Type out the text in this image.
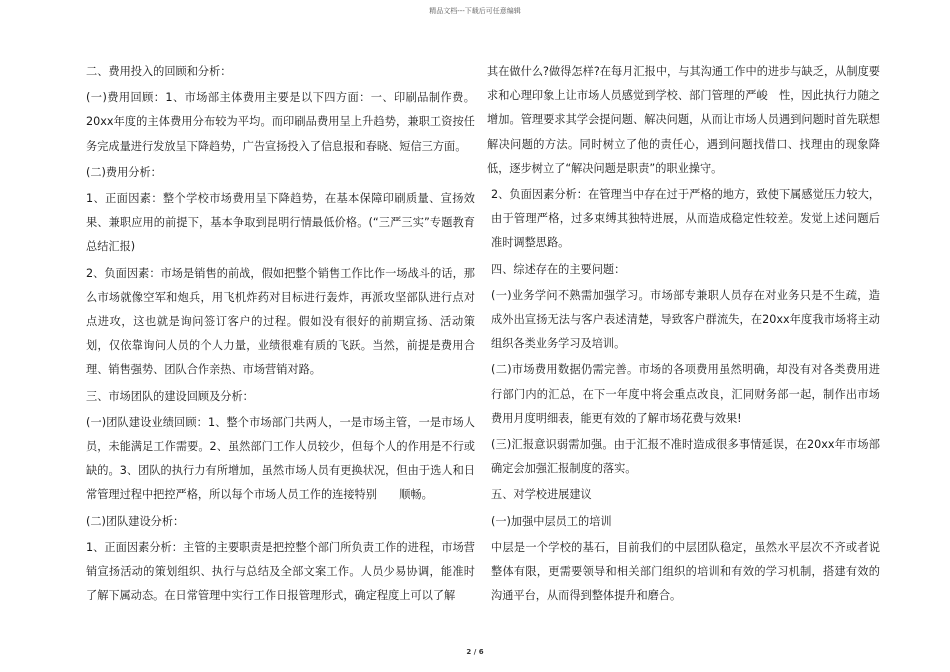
精品文档---下载后可任意编辑

二、费用投入的回顾和分析：

(一)费用回顾：1、市场部主体费用主要是以下四方面：一、印刷品制作费。20xx年度的主体费用分布较为平均。而印刷品费用呈上升趋势，兼职工资按任务完成量进行发放呈下降趋势，广告宣扬投入了信息报和春晓、短信三方面。

(二)费用分析：

1、正面因素：整个学校市场费用呈下降趋势，在基本保障印刷质量、宣扬效果、兼职应用的前提下，基本争取到昆明行情最低价格。(“三严三实”专题教育总结汇报)

2、负面因素：市场是销售的前战，假如把整个销售工作比作一场战斗的话，那么市场就像空军和炮兵，用飞机炸药对目标进行轰炸，再派攻坚部队进行点对点进攻，这也就是询问签订客户的过程。假如没有很好的前期宣扬、活动策划，仅依靠询问人员的个人力量，业绩很难有质的飞跃。当然，前提是费用合理、销售强势、团队合作亲热、市场营销对路。

三、市场团队的建设回顾及分析：

(一)团队建设业绩回顾：1、整个市场部门共两人，一是市场主管，一是市场人员，未能满足工作需要。2、虽然部门工作人员较少，但每个人的作用是不行或缺的。3、团队的执行力有所增加，虽然市场人员有更换状况，但由于选人和日常管理过程中把控严格，所以每个市场人员工作的连接特别　　顺畅。

(二)团队建设分析：

1、正面因素分析：主管的主要职责是把控整个部门所负责工作的进程，市场营销宣扬活动的策划组织、执行与总结及全部文案工作。人员少易协调，能准时了解下属动态。在日常管理中实行工作日报管理形式，确定程度上可以了解

其在做什么?做得怎样?在每月汇报中，与其沟通工作中的进步与缺乏，从制度要求和心理印象上让市场人员感觉到学校、部门管理的严峻　性，因此执行力随之增加。管理要求其学会提问题、解决问题，从而让市场人员遇到问题时首先联想解决问题的方法。同时树立了他的责任心，遇到问题找借口、找理由的现象降低，逐步树立了“解决问题是职责”的职业操守。

2、负面因素分析：在管理当中存在过于严格的地方，致使下属感觉压力较大，由于管理严格，过多束缚其独特进展，从而造成稳定性较差。发觉上述问题后准时调整思路。

四、综述存在的主要问题：

(一)业务学问不熟需加强学习。市场部专兼职人员存在对业务只是不生疏，造成外出宣扬无法与客户表述清楚，导致客户群流失，在20xx年度我市场将主动组织各类业务学习及培训。

(二)市场费用数据仍需完善。市场的各项费用虽然明确，却没有对各类费用进行部门内的汇总，在下一年度中将会重点改良，汇同财务部一起，制作出市场费用月度明细表，能更有效的了解市场花费与效果!

(三)汇报意识弱需加强。由于汇报不准时造成很多事情延误，在20xx年市场部确定会加强汇报制度的落实。

五、对学校进展建议

(一)加强中层员工的培训

中层是一个学校的基石，目前我们的中层团队稳定，虽然水平层次不齐或者说整体有限，更需要领导和相关部门组织的培训和有效的学习机制，搭建有效的沟通平台，从而得到整体提升和磨合。

2 / 6
